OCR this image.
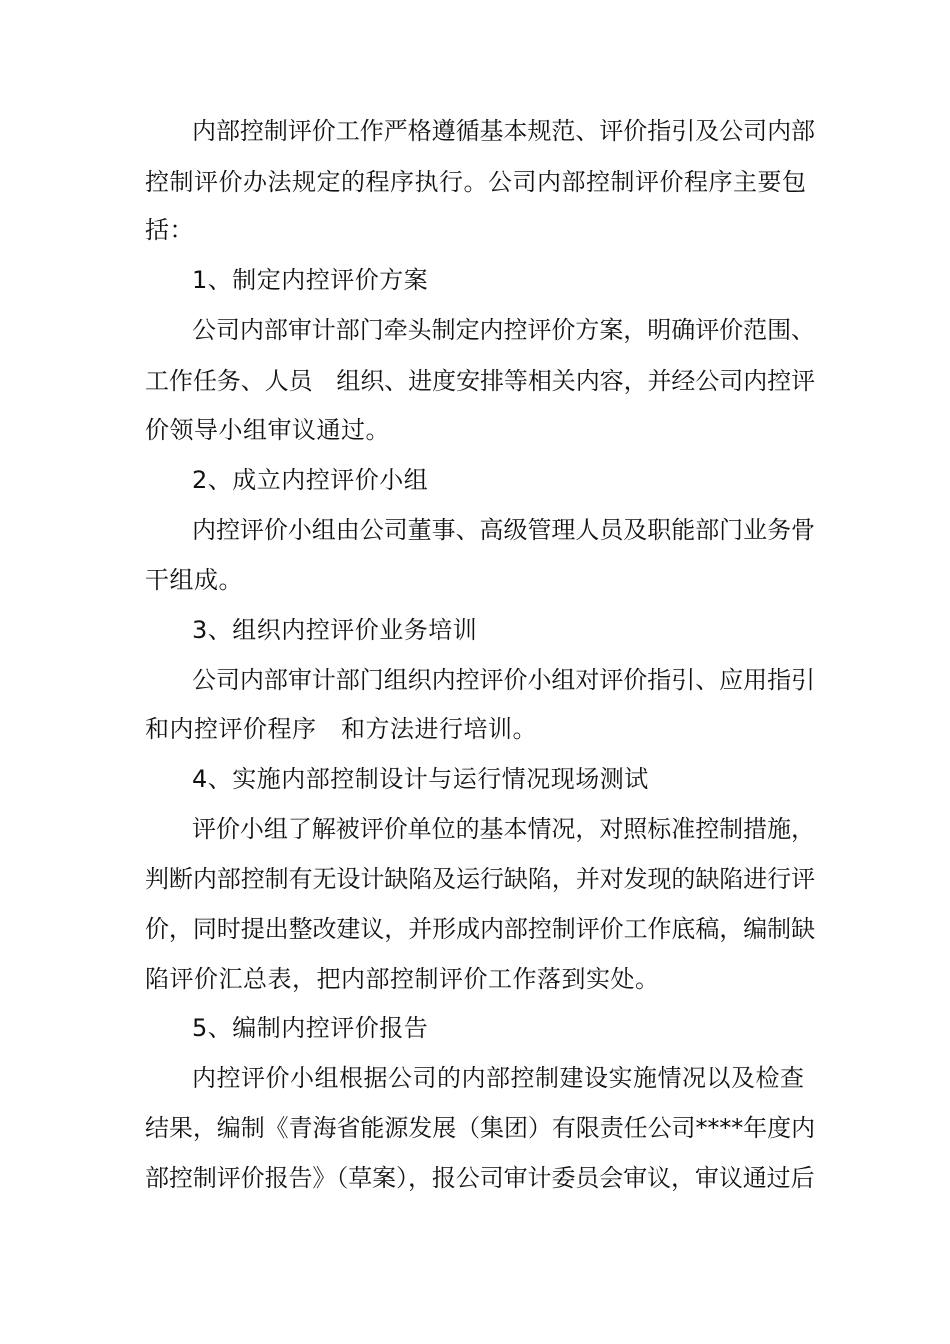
内部控制评价工作严格遵循基本规范、评价指引及公司内部
控制评价办法规定的程序执行。公司内部控制评价程序主要包
括：
1、制定内控评价方案
公司内部审计部门牵头制定内控评价方案，明确评价范围、
工作任务、人员　组织、进度安排等相关内容，并经公司内控评
价领导小组审议通过。
2、成立内控评价小组
内控评价小组由公司董事、高级管理人员及职能部门业务骨
干组成。
3、组织内控评价业务培训
公司内部审计部门组织内控评价小组对评价指引、应用指引
和内控评价程序　和方法进行培训。
4、实施内部控制设计与运行情况现场测试
评价小组了解被评价单位的基本情况，对照标准控制措施，
判断内部控制有无设计缺陷及运行缺陷，并对发现的缺陷进行评
价，同时提出整改建议，并形成内部控制评价工作底稿，编制缺
陷评价汇总表，把内部控制评价工作落到实处。
5、编制内控评价报告
内控评价小组根据公司的内部控制建设实施情况以及检查
结果，编制《青海省能源发展（集团）有限责任公司****年度内
部控制评价报告》（草案），报公司审计委员会审议，审议通过后
